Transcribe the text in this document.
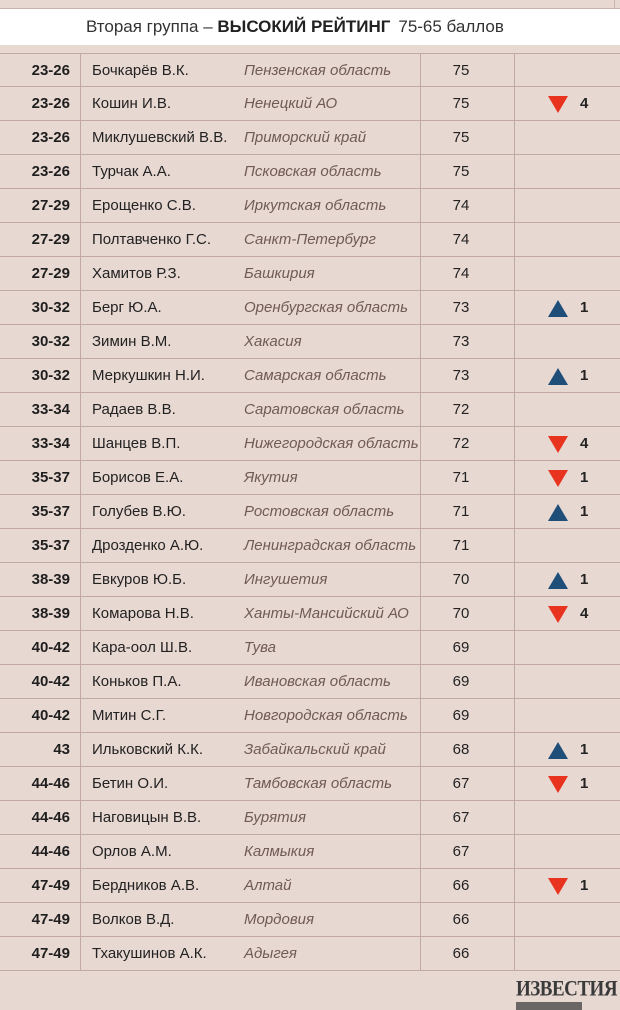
Вторая группа – ВЫСОКИЙ РЕЙТИНГ 75-65 баллов
23-26 Бочкарёв В.К.	Пензенская область	75
23-26 Кошин И.В.	Ненецкий АО	75	4
23-26 Миклушевский В.В. Приморский край	75
23-26 Турчак А.А.	Псковская область	75
27-29 Ерощенко С.В.	Иркутская область	74
27-29 Полтавченко Г.С. Санкт-Петербург	74
27-29 Хамитов Р.З.	Башкирия	74
30-32 Берг Ю.А.	Оренбургская область	73	1
30-32 Зимин В.М.	Хакасия	73
30-32 Меркушкин Н.И.	Самарская область	73	1
33-34 Радаев В.В.	Саратовская область	72
33-34 Шанцев В.П.	Нижегородская область	72	4
35-37 Борисов Е.А.	Якутия	71	1
35-37 Голубев В.Ю.	Ростовская область	71	1
35-37 Дрозденко А.Ю.	Ленинградская область	71
38-39 Евкуров Ю.Б.	Ингушетия	70	1
38-39 Комарова Н.В.	Ханты-Мансийский АО	70	4
40-42 Кара-оол Ш.В.	Тува	69
40-42 Коньков П.А.	Ивановская область	69
40-42 Митин С.Г.	Новгородская область	69
43 Ильковский К.К.	Забайкальский край	68	1
44-46 Бетин О.И.	Тамбовская область	67	1
44-46 Наговицын В.В.	Бурятия	67
44-46 Орлов А.М.	Калмыкия	67
47-49 Бердников А.В.	Алтай	66	1
47-49 Волков В.Д.	Мордовия	66
47-49 Тхакушинов А.К. Адыгея	66
ИЗВЕСТИЯ
